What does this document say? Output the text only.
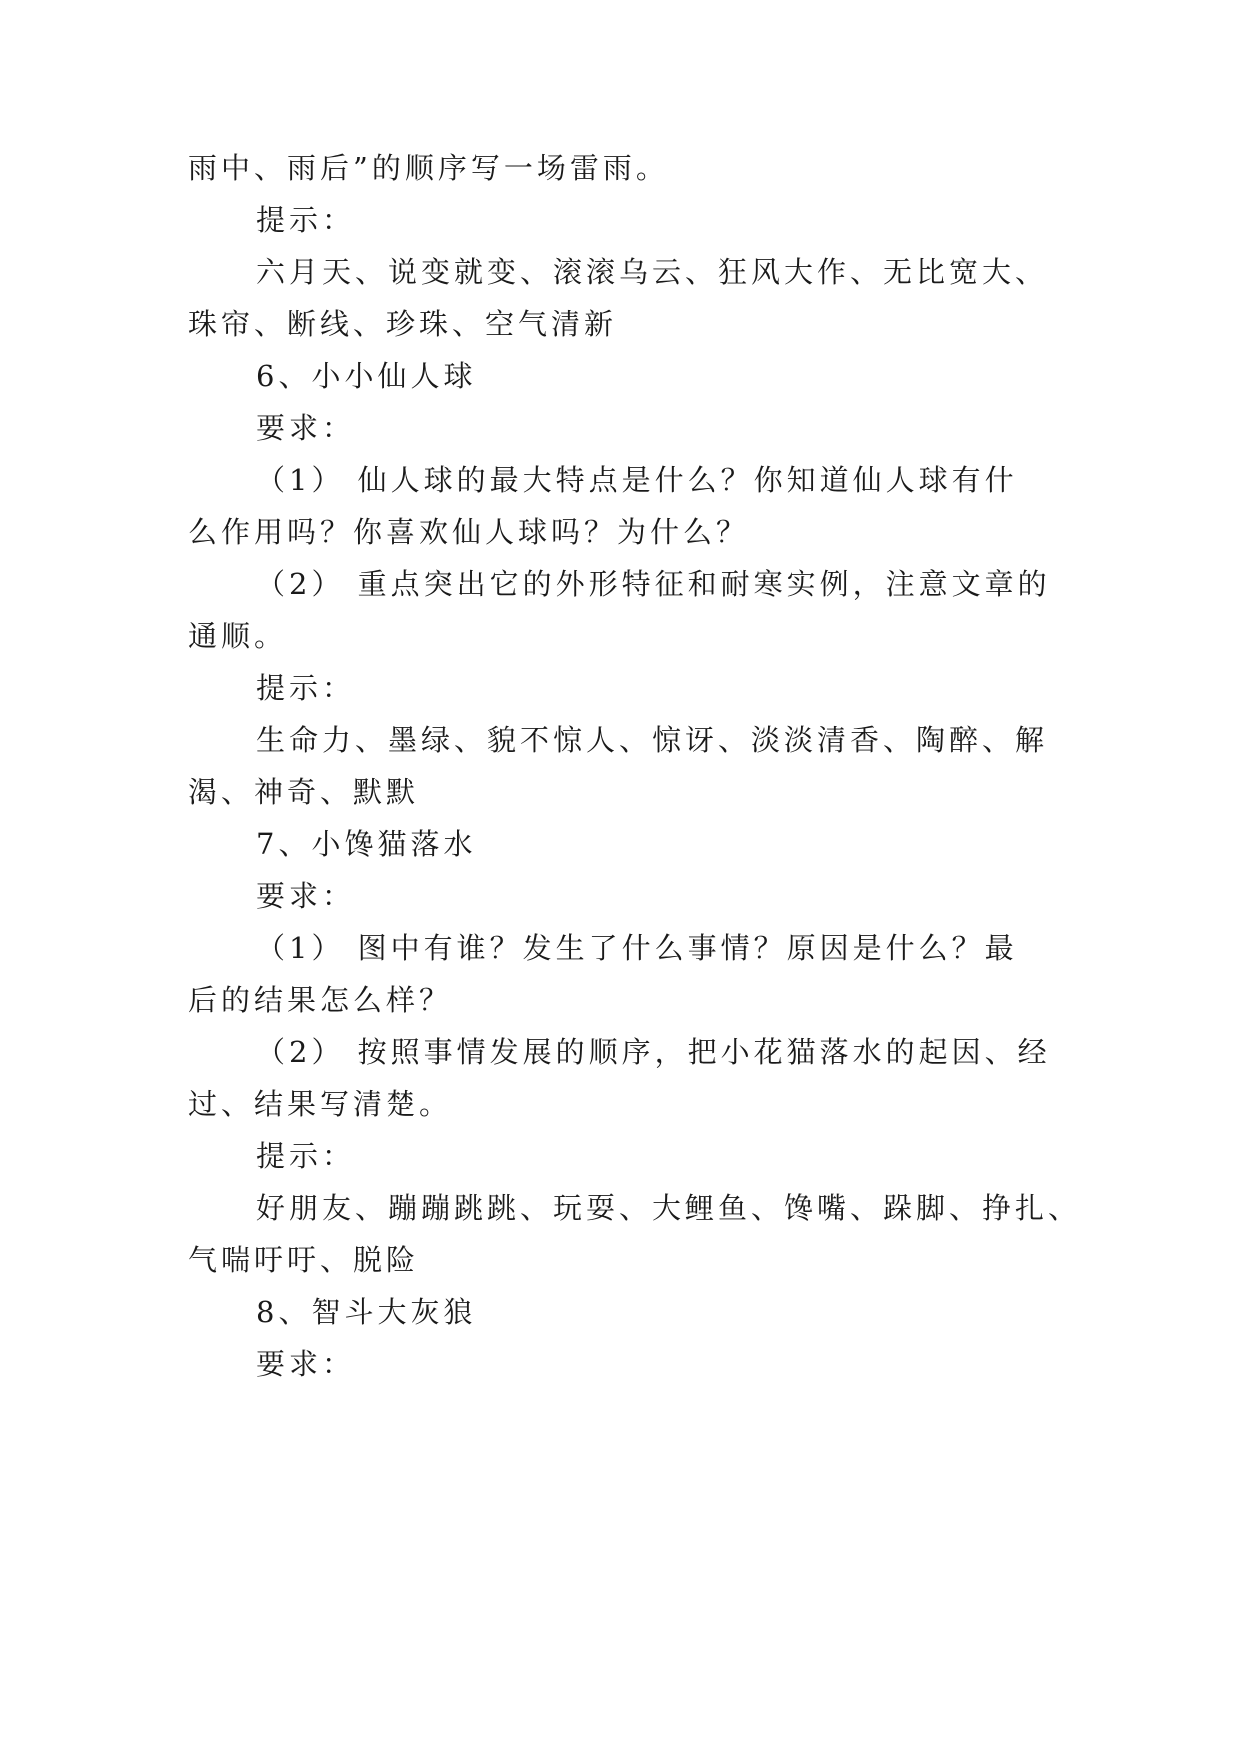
雨中、雨后”的顺序写一场雷雨。
提示：
六月天、说变就变、滚滚乌云、狂风大作、无比宽大、
珠帘、断线、珍珠、空气清新
6、小小仙人球
要求：
（1） 仙人球的最大特点是什么？你知道仙人球有什
么作用吗？你喜欢仙人球吗？为什么？
（2） 重点突出它的外形特征和耐寒实例，注意文章的
通顺。
提示：
生命力、墨绿、貌不惊人、惊讶、淡淡清香、陶醉、解
渴、神奇、默默
7、小馋猫落水
要求：
（1） 图中有谁？发生了什么事情？原因是什么？最
后的结果怎么样？
（2） 按照事情发展的顺序，把小花猫落水的起因、经
过、结果写清楚。
提示：
好朋友、蹦蹦跳跳、玩耍、大鲤鱼、馋嘴、跺脚、挣扎、
气喘吁吁、脱险
8、智斗大灰狼
要求：
